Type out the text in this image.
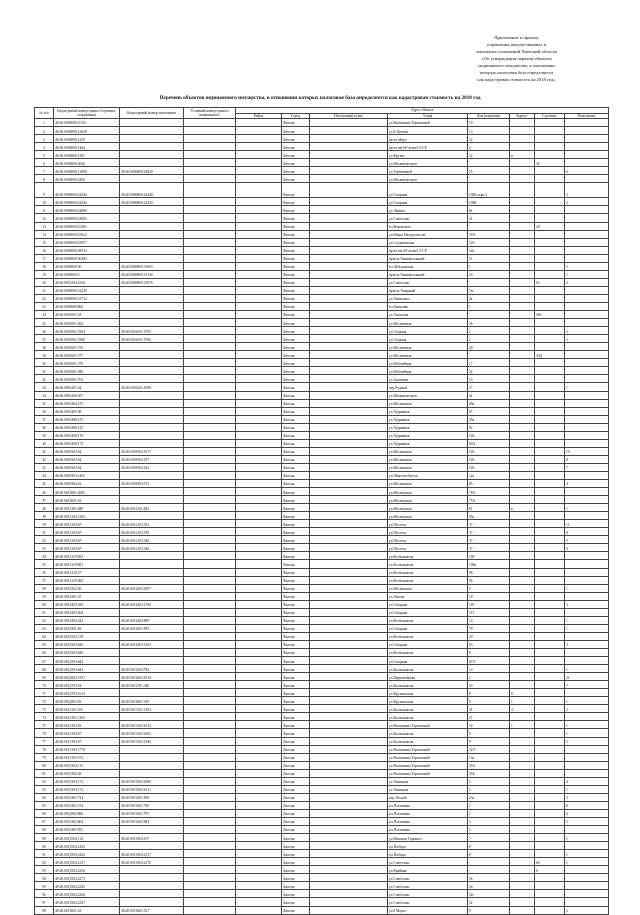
Приложение к приказу
управления имущественных и
земельных отношений Липецкой области
«Об утверждении перечня объектов
недвижимого имущества, в отношении
которых налоговая база определяется
как кадастровая стоимость на 2018 год»
Перечень объектов недвижимого имущества, в отношении которых налоговая база определяется как кадастровая стоимость на 2018 год
№ п/п	Кадастровый номер здания (строения, сооружения)	Кадастровый номер помещения	Условный номер единого недвижимого	Адрес объекта							
				Район	Город	Населенный пункт	Улица	Дом (владение)	Корпус	Строение	Помещение
1	48:20:0000000:10101				Липецк		ул.Валентины Терешковой	10			
2	48:20:0000000:12028				Липецк		ул.К.Цеткин	13			
3	48:20:0000000:1239				Липецк		пр-кт Мира	12			
4	48:20:0000000:1464				Липецк		пр-кт им 60-летия СССР	4			
5	48:20:0000000:1581				Липецк		ул.Фрунзе	12	в		
6	48:20:0000000:2046				Липецк		ул.Механизаторов			34	
7	48:20:0000000:11898	48:20:0000000:23829			Липецк		ул.Терешковой	55			6
8	48:20:0000000:2409				Липецк		ул.Механизаторов				
9	48:20:0000000:24446	48:20:0000000:24448			Липецк		ул.Гагарина	108Б корп.3			3
10	48:20:0000000:24446	48:20:0000000:24450			Липецк		ул.Гагарина	108Б			2
11	48:20:0000000:24889				Липецк		ул.Ленина	8а			
12	48:20:0000000:24993				Липецк		ул.Советская	41			
13	48:20:0000000:25281				Липецк		пл.Воровского			2А	
14	48:20:0000000:25622				Липецк		ул.Юных Натуралистов	18А			
15	48:20:0000000:25857				Липецк		ул.Студеновская	126			
16	48:20:0000000:28534				Липецк		пр-кт им 60-летия СССР	34а			
17	48:20:0000000:30484				Липецк		проезд Универсальный	11			
18	48:20:0000000:30	48:20:0000000:31065			Липецк		пл.Лебединская	1			5
19	48:20:0000000:3	48:20:0000000:31140			Липецк		проезд Универсальный	24			1
20	48:20:0013504:2340	48:20:0000000:31076			Липецк		ул.Советская			64	2
21	48:20:0000000:32220				Липецк		проезд Товарный	1ж			
22	48:20:0000000:32734				Липецк		ул.Ушинского	2а			
23	48:20:0000000:862				Липецк		пл.Гриценко	1			
24	48:20:0001001:18				Липецк		ул.Антонова			266	
25	48:20:0001001:262				Липецк		ул.Московская	36			
26	48:20:0001001:5304	48:20:0001001:5705			Липецк		ул.Осенняя	1			2
27	48:20:0001001:5380	48:20:0001001:5706			Липецк		ул.Осенняя	1			3
28	48:20:0001001:576				Липецк		ул.Московская	40			
29	48:20:0001001:577				Липецк		ул.Московская			30Д	
30	48:20:0001001:378				Липецк		ул.Юбилейная	17			
31	48:20:0001001:386				Липецк		ул.Юбилейная	52			
32	48:20:0001001:765				Липецк		ул.Антонова	53			
33	48:20:0001201:34	48:20:0001201:1098			Липецк		пер.Рудный	17			1
34	48:20:0001206:657				Липецк		ул.Механизаторов	2а			
35	48:20:0001404:137				Липецк		ул.Московская	49а			
36	48:20:0001405:98				Липецк		ул.Ударников	97			
37	48:20:0001408:137				Липецк		ул.Ударников	35а			
38	48:20:0001408:127				Липецк		ул.Ударников	92			
39	48:20:0001408:170				Липецк		ул.Ударников	104			
40	48:20:0001408:173				Липецк		ул.Ударников	90/2			
41	48:20:0001902:64	48:20:0001902:1675			Липецк		ул.Московская	103			19
42	48:20:0001902:64	48:20:0001902:537			Липецк		ул.Московская	103			8
43	48:20:0001902:64	48:20:0001902:542			Липецк		ул.Московская	103			7
44	48:20:0001903:1465				Липецк		ул.Шкатова/Зегеля	12а			
45	48:20:0001904:22	48:20:0001904:372			Липецк		ул.Московская	85			4
46	48:20:0012001:2605				Липецк		ул.Московская	78А			
47	48:20:0012001:63				Липецк		ул.Московская	75А			
48	48:20:0012101:480	48:20:0012101:823			Липецк		ул.Московская	81	в		1
49	48:20:0012102:1262				Липецк		ул.Московская	45а			
50	48:20:0012103:67	48:20:0012103:333			Липецк		ул.Пестеля	37			11
51	48:20:0012103:67	48:20:0012103:339			Липецк		ул.Пестеля	37			8
52	48:20:0012103:67	48:20:0012103:340			Липецк		ул.Пестеля	37			5
53	48:20:0012103:67	48:20:0012103:346			Липецк		ул.Пестеля	37			6
54	48:20:0012119:693				Липецк		ул.Космонавтов	100			
55	48:20:0012119:881				Липецк		ул.Космонавтов	106в			
56	48:20:0012120:27				Липецк		ул.Космонавтов	98			
57	48:20:0012120:982				Липецк		ул.Космонавтов	96			
58	48:20:0012202:56	48:20:0012202:2097			Липецк		ул.Московская	5			1
59	48:20:0012401:35				Липецк		ул.Литова	10			
60	48:20:0012403:356	48:20:0012403:1596			Липецк		ул.Гагарина	103			3
61	48:20:0012403:364				Липецк		ул.Гагарина	113			
62	48:20:0012404:344	48:20:0012404:869			Липецк		ул.Космонавтов	14			1
63	48:20:0012501:83	48:20:0012501:853			Липецк		ул.Гагарина	79			1
64	48:20:0012502:219				Липецк		ул.Космонавтов	20			
65	48:20:0012503:626	48:20:0012503:1303			Липецк		ул.Гагарина	63			2
66	48:20:0012503:620				Липецк		ул.Космонавтов	6			
67	48:20:0012503:642				Липецк		ул.Гагарина	67/3			
68	48:20:0012503:643	48:20:0012503:782			Липецк		ул.Космонавтов	14			1
69	48:20:0012602:1597	48:20:0012602:1619			Липецк		ул.Первомайская	2			21
70	48:20:0012703:52	48:20:0012701:346			Липецк		ул.Космонавтов	43			7
71	48:20:0012703:1615				Липецк		ул.Фрунзенская	8	8		
72	48:20:0012801:81	48:20:0012801:910			Липецк		ул.Фрунзенская	9	1		1
73	48:20:0013101:105	48:20:0013101:1303			Липецк		ул.Космонавтов	31	4		2
74	48:20:0013101:1305				Липецк		ул.Космонавтов	27			
75	48:20:0013103:63	48:20:0013103:1014			Липецк		ул.Валентины Терешковой	34	1		1
76	48:20:0013103:67	48:20:0013103:1002			Липецк		ул.Космонавтов	9			1
77	48:20:0013103:67	48:20:0013103:1380			Липецк		ул.Космонавтов	9			5
78	48:20:0013103:1770				Липецк		ул.Валентины Терешковой	32/3			
79	48:20:0013103:372				Липецк		ул.Валентины Терешковой	13а			
80	48:20:0013302:115				Липецк		ул.Валентины Терешковой	35А			
81	48:20:0013302:38				Липецк		ул.Валентины Терешковой	35Б			
82	48:20:0013303:172	48:20:0013303:1600			Липецк		ул.Липецкая	5			4
83	48:20:0013303:172	48:20:0013303:1621			Липецк		ул.Липецкая	5			1
84	48:20:0013401:734	48:20:0013401:836			Липецк		пер.Лесной	23а			3
85	48:20:0013401:152	48:20:0013401:796			Липецк		пл.Плеханова	1			8
86	48:20:0012802:866	48:20:0013401:797			Липецк		пл.Плеханова	1			6
87	48:20:0013402:864	48:20:0013403:982			Липецк		пл.Плеханова	3			5
88	48:20:0013403:591				Липецк		пл.Плеханова	5			
89	48:20:0013504:114	48:20:0013504:197			Липецк		ул.Максима Горького	7			1
90	48:20:0013504:2102				Липецк		пл.Победы	8			
91	48:20:0013504:3162	48:20:0013504:2117			Липецк		пл.Победы	8			1
92	48:20:0013504:2137	48:20:0013504:2176			Липецк		ул.Советская			60	1
93	48:20:0013504:2256				Липецк		ул.Крайняя			6	
94	48:20:0013504:2273				Липецк		ул.Советская	36			
95	48:20:0013504:2345				Липецк		ул.Советская	34			
96	48:20:0013504:2346				Липецк		ул.Советская	32г			
97	48:20:0013504:2347				Липецк		ул.Советская	32			
98	48:20:0013601:23	48:20:0013601:327			Липецк		ул.8 Марта	9			2
